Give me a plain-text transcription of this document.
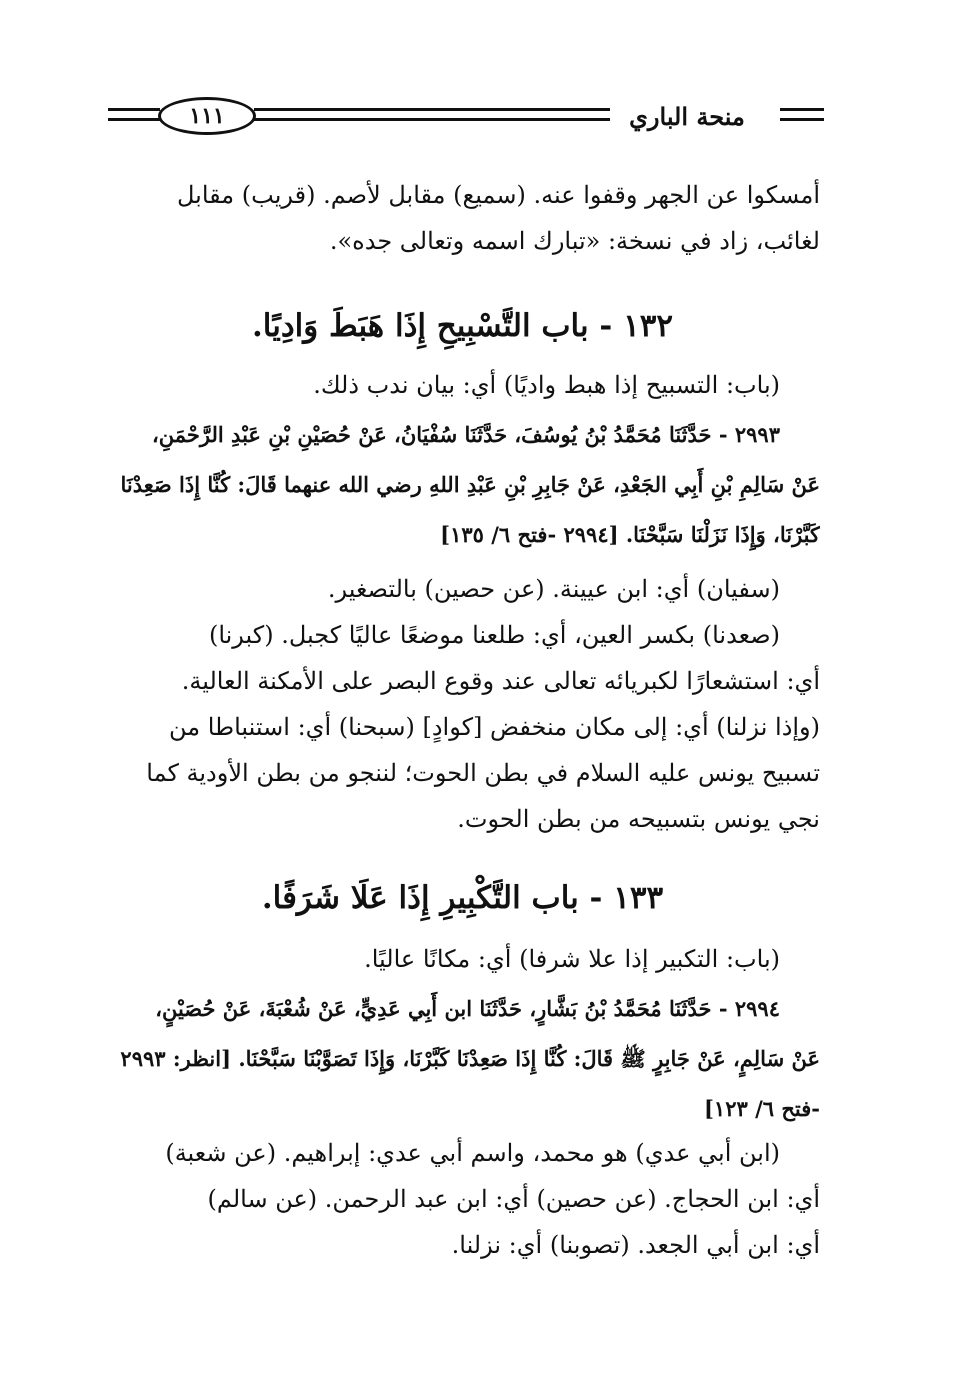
١١١	منحة الباري
أمسكوا عن الجهر وقفوا عنه. (سميع) مقابل لأصم. (قريب) مقابل
لغائب، زاد في نسخة: «تبارك اسمه وتعالى جده».
١٣٢ - باب التَّسْبِيحِ إِذَا هَبَطَ وَادِيًا.
(باب: التسبيح إذا هبط واديًا) أي: بيان ندب ذلك.
٢٩٩٣ - حَدَّثَنَا مُحَمَّدُ بْنُ يُوسُفَ، حَدَّثَنَا سُفْيَانُ، عَنْ حُصَيْنِ بْنِ عَبْدِ الرَّحْمَنِ،
عَنْ سَالِمِ بْنِ أَبِي الجَعْدِ، عَنْ جَابِرِ بْنِ عَبْدِ اللهِ رضي الله عنهما قَالَ: كُنَّا إِذَا صَعِدْنَا
كَبَّرْنَا، وَإِذَا نَزَلْنَا سَبَّحْنَا. [٢٩٩٤ -فتح ٦/ ١٣٥]
(سفيان) أي: ابن عيينة. (عن حصين) بالتصغير.
(صعدنا) بكسر العين، أي: طلعنا موضعًا عاليًا كجبل. (كبرنا)
أي: استشعارًا لكبريائه تعالى عند وقوع البصر على الأمكنة العالية.
(وإذا نزلنا) أي: إلى مكان منخفض [كوادٍ] (سبحنا) أي: استنباطا من
تسبيح يونس عليه السلام في بطن الحوت؛ لننجو من بطن الأودية كما
نجي يونس بتسبيحه من بطن الحوت.
١٣٣ - باب التَّكْبِيرِ إِذَا عَلَا شَرَفًا.
(باب: التكبير إذا علا شرفا) أي: مكانًا عاليًا.
٢٩٩٤ - حَدَّثَنَا مُحَمَّدُ بْنُ بَشَّارٍ، حَدَّثَنَا ابن أَبِي عَدِيٍّ، عَنْ شُعْبَةَ، عَنْ حُصَيْنٍ،
عَنْ سَالِمٍ، عَنْ جَابِرٍ ﷺ قَالَ: كُنَّا إِذَا صَعِدْنَا كَبَّرْنَا، وَإِذَا تَصَوَّبْنَا سَبَّحْنَا. [انظر: ٢٩٩٣
-فتح ٦/ ١٢٣]
(ابن أبي عدي) هو محمد، واسم أبي عدي: إبراهيم. (عن شعبة)
أي: ابن الحجاج. (عن حصين) أي: ابن عبد الرحمن. (عن سالم)
أي: ابن أبي الجعد. (تصوبنا) أي: نزلنا.
